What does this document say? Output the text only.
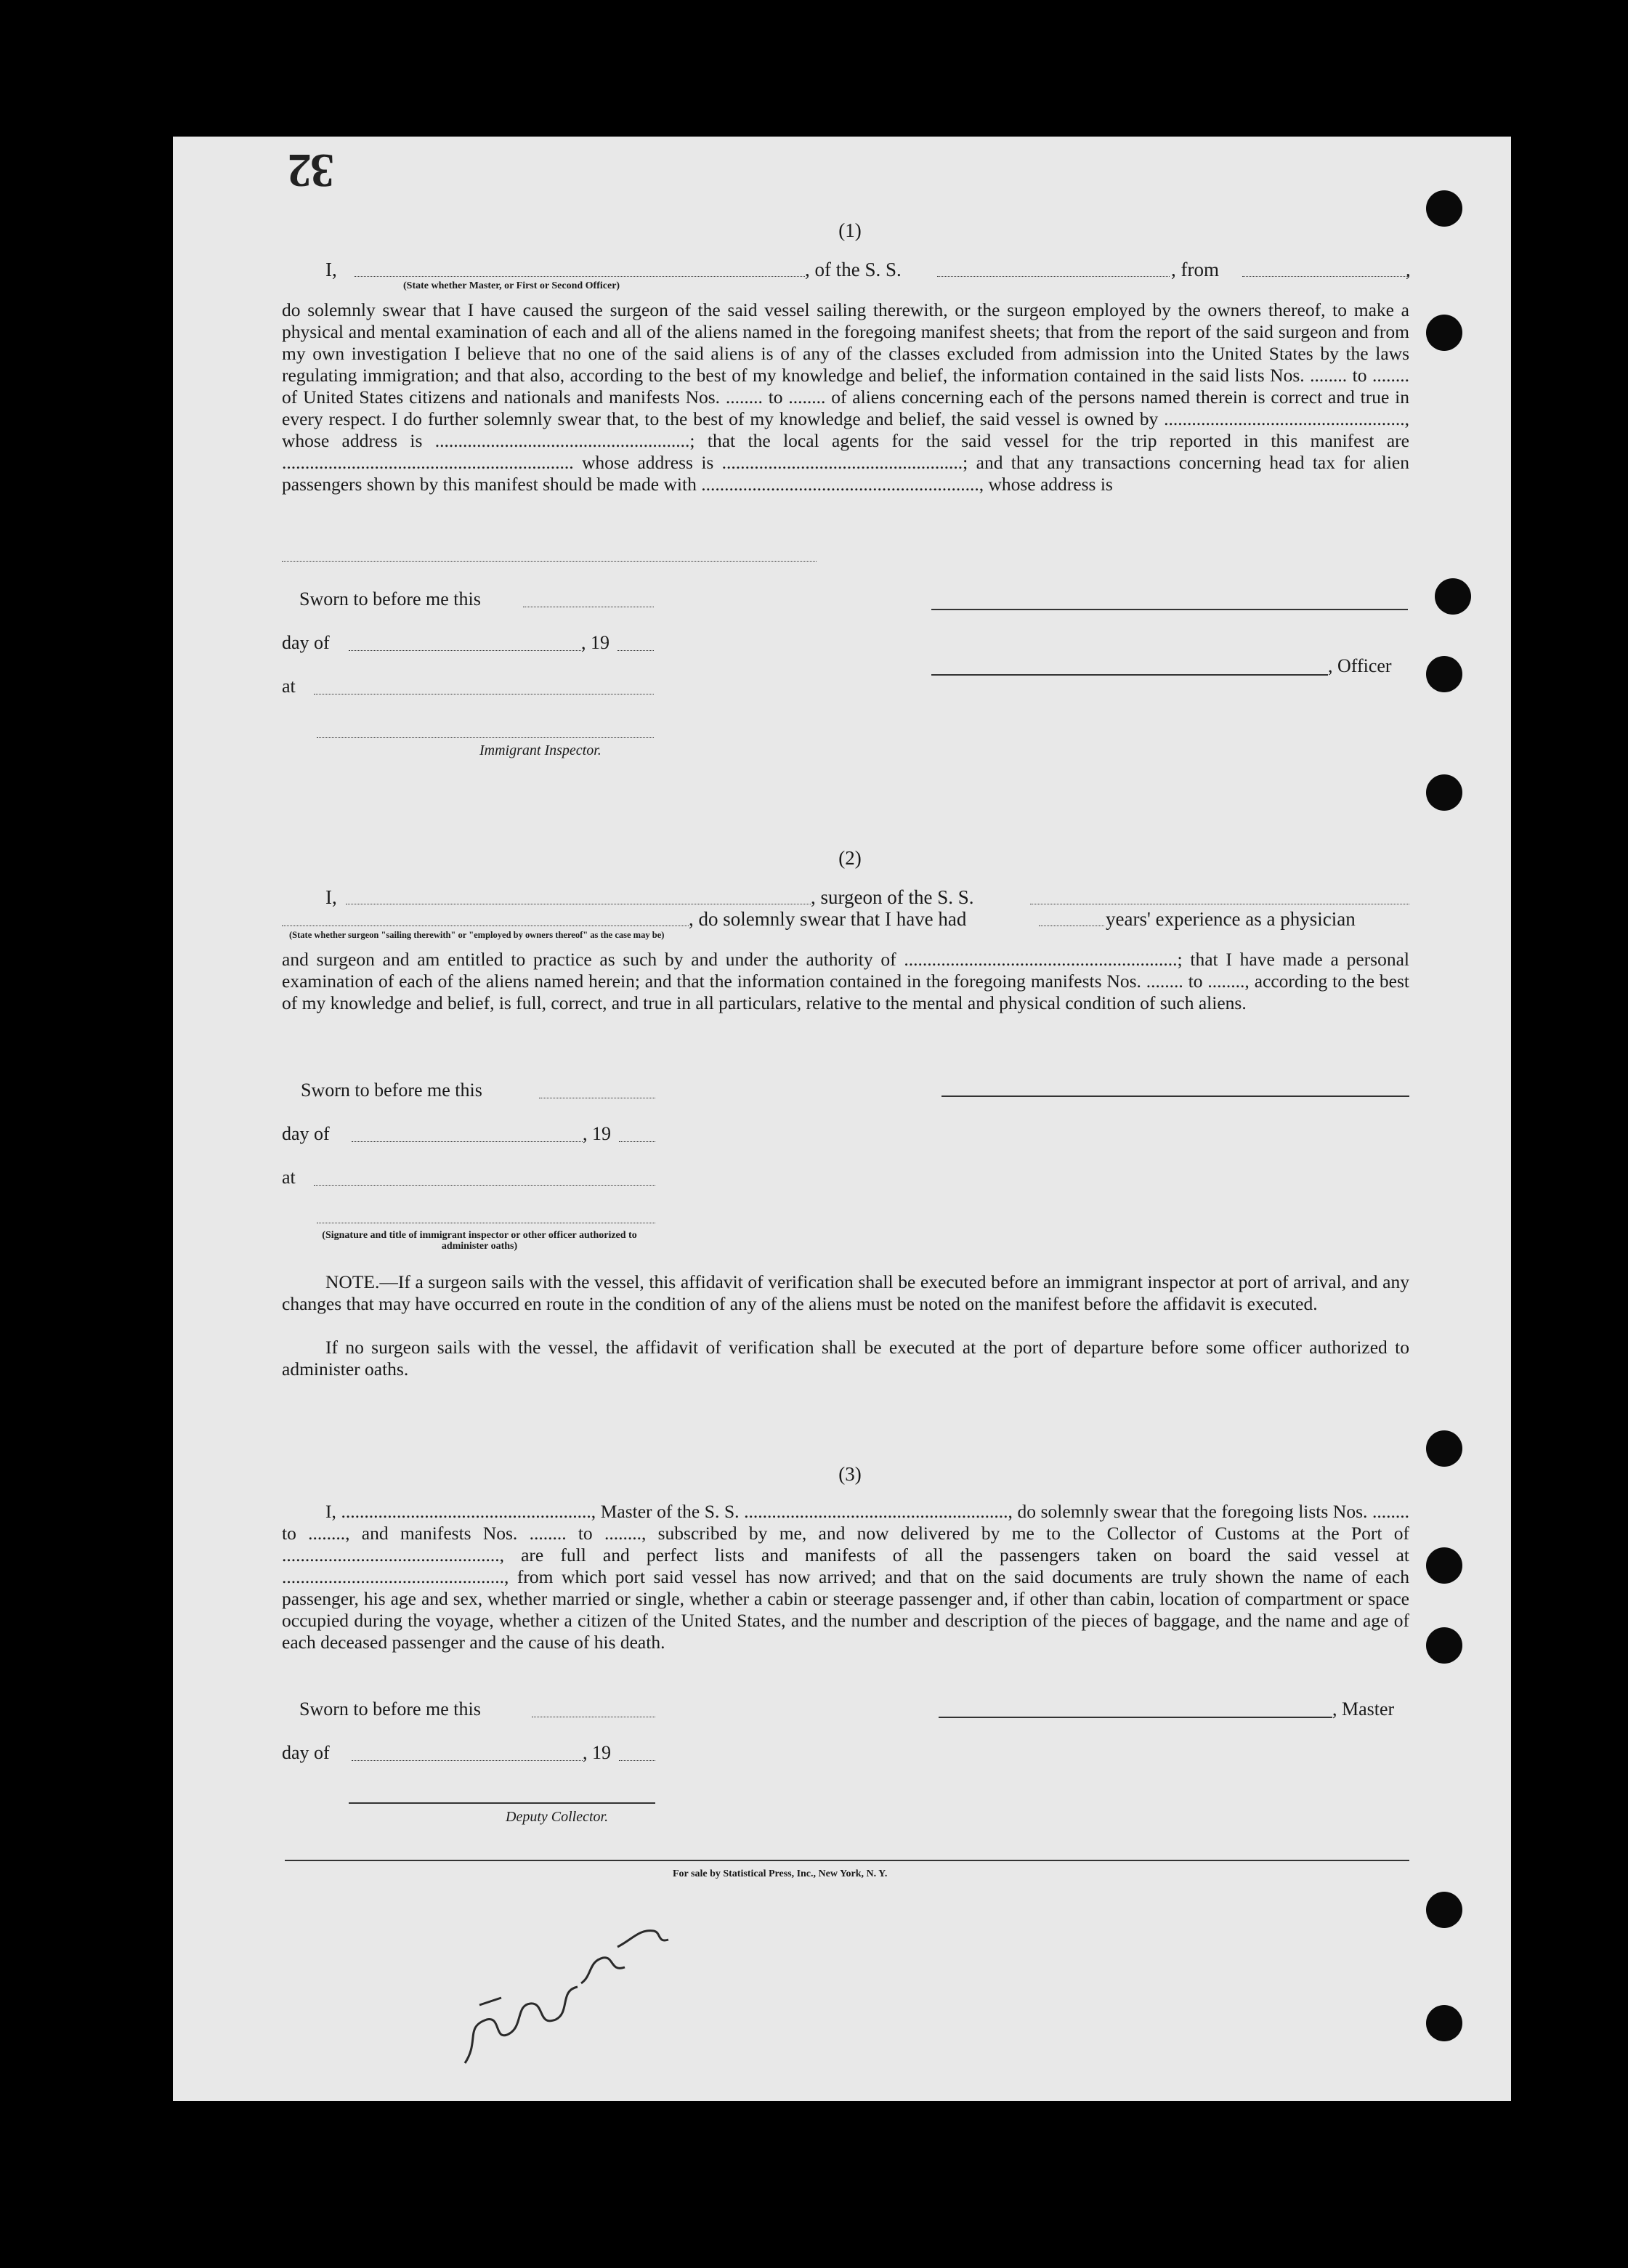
32
(1)
I,	, of the S. S.	, from	,
(State whether Master, or First or Second Officer)
do solemnly swear that I have caused the surgeon of the said vessel sailing therewith, or the surgeon employed by the owners thereof, to make a physical and mental examination of each and all of the aliens named in the foregoing manifest sheets; that from the report of the said surgeon and from my own investigation I believe that no one of the said aliens is of any of the classes excluded from admission into the United States by the laws regulating immigration; and that also, according to the best of my knowledge and belief, the information contained in the said lists Nos. ........ to ........ of United States citizens and nationals and manifests Nos. ........ to ........ of aliens concerning each of the persons named therein is correct and true in every respect. I do further solemnly swear that, to the best of my knowledge and belief, the said vessel is owned by ...................................................., whose address is .......................................................; that the local agents for the said vessel for the trip reported in this manifest are ............................................................... whose address is ....................................................; and that any transactions concerning head tax for alien passengers shown by this manifest should be made with ............................................................, whose address is
Sworn to before me this
day of	, 19
, Officer
at
Immigrant Inspector.
(2)
I,	, surgeon of the S. S.
, do solemnly swear that I have had	years' experience as a physician
(State whether surgeon "sailing therewith" or "employed by owners thereof" as the case may be)
and surgeon and am entitled to practice as such by and under the authority of ...........................................................; that I have made a personal examination of each of the aliens named herein; and that the information contained in the foregoing manifests Nos. ........ to ........, according to the best of my knowledge and belief, is full, correct, and true in all particulars, relative to the mental and physical condition of such aliens.
Sworn to before me this
day of	, 19
at
(Signature and title of immigrant inspector or other officer authorized to administer oaths)
NOTE.—If a surgeon sails with the vessel, this affidavit of verification shall be executed before an immigrant inspector at port of arrival, and any changes that may have occurred en route in the condition of any of the aliens must be noted on the manifest before the affidavit is executed.
If no surgeon sails with the vessel, the affidavit of verification shall be executed at the port of departure before some officer authorized to administer oaths.
(3)
I, ......................................................, Master of the S. S. ........................................................., do solemnly swear that the foregoing lists Nos. ........ to ........, and manifests Nos. ........ to ........, subscribed by me, and now delivered by me to the Collector of Customs at the Port of ..............................................., are full and perfect lists and manifests of all the passengers taken on board the said vessel at ................................................, from which port said vessel has now arrived; and that on the said documents are truly shown the name of each passenger, his age and sex, whether married or single, whether a cabin or steerage passenger and, if other than cabin, location of compartment or space occupied during the voyage, whether a citizen of the United States, and the number and description of the pieces of baggage, and the name and age of each deceased passenger and the cause of his death.
Sworn to before me this	, Master
day of	, 19
Deputy Collector.
For sale by Statistical Press, Inc., New York, N. Y.
